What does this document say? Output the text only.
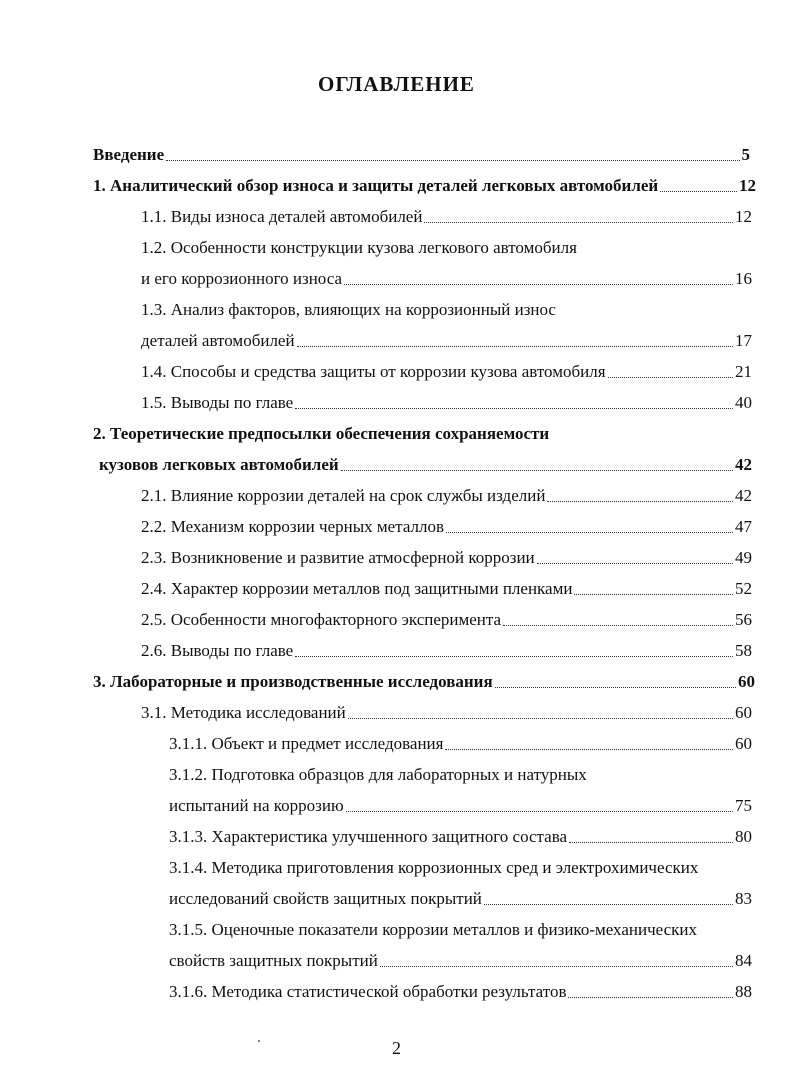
ОГЛАВЛЕНИЕ
Введение	5
1. Аналитический обзор износа и защиты деталей легковых автомобилей	12
1.1. Виды износа деталей автомобилей	12
1.2. Особенности конструкции кузова легкового автомобиля
и его коррозионного износа	16
1.3. Анализ факторов, влияющих на коррозионный износ
деталей автомобилей	17
1.4. Способы и средства защиты от коррозии кузова автомобиля	21
1.5. Выводы по главе	40
2. Теоретические предпосылки обеспечения сохраняемости
кузовов легковых автомобилей	42
2.1. Влияние коррозии деталей на срок службы изделий	42
2.2. Механизм коррозии черных металлов	47
2.3. Возникновение и развитие атмосферной коррозии	49
2.4. Характер коррозии металлов под защитными пленками	52
2.5. Особенности многофакторного эксперимента	56
2.6. Выводы по главе	58
3. Лабораторные и производственные исследования	60
3.1. Методика исследований	60
3.1.1. Объект и предмет исследования	60
3.1.2. Подготовка образцов для лабораторных и натурных
испытаний на коррозию	75
3.1.3. Характеристика улучшенного защитного состава	80
3.1.4. Методика приготовления коррозионных сред и электрохимических
исследований свойств защитных покрытий	83
3.1.5. Оценочные показатели коррозии металлов и физико-механических
свойств защитных покрытий	84
3.1.6. Методика статистической обработки результатов	88
2
